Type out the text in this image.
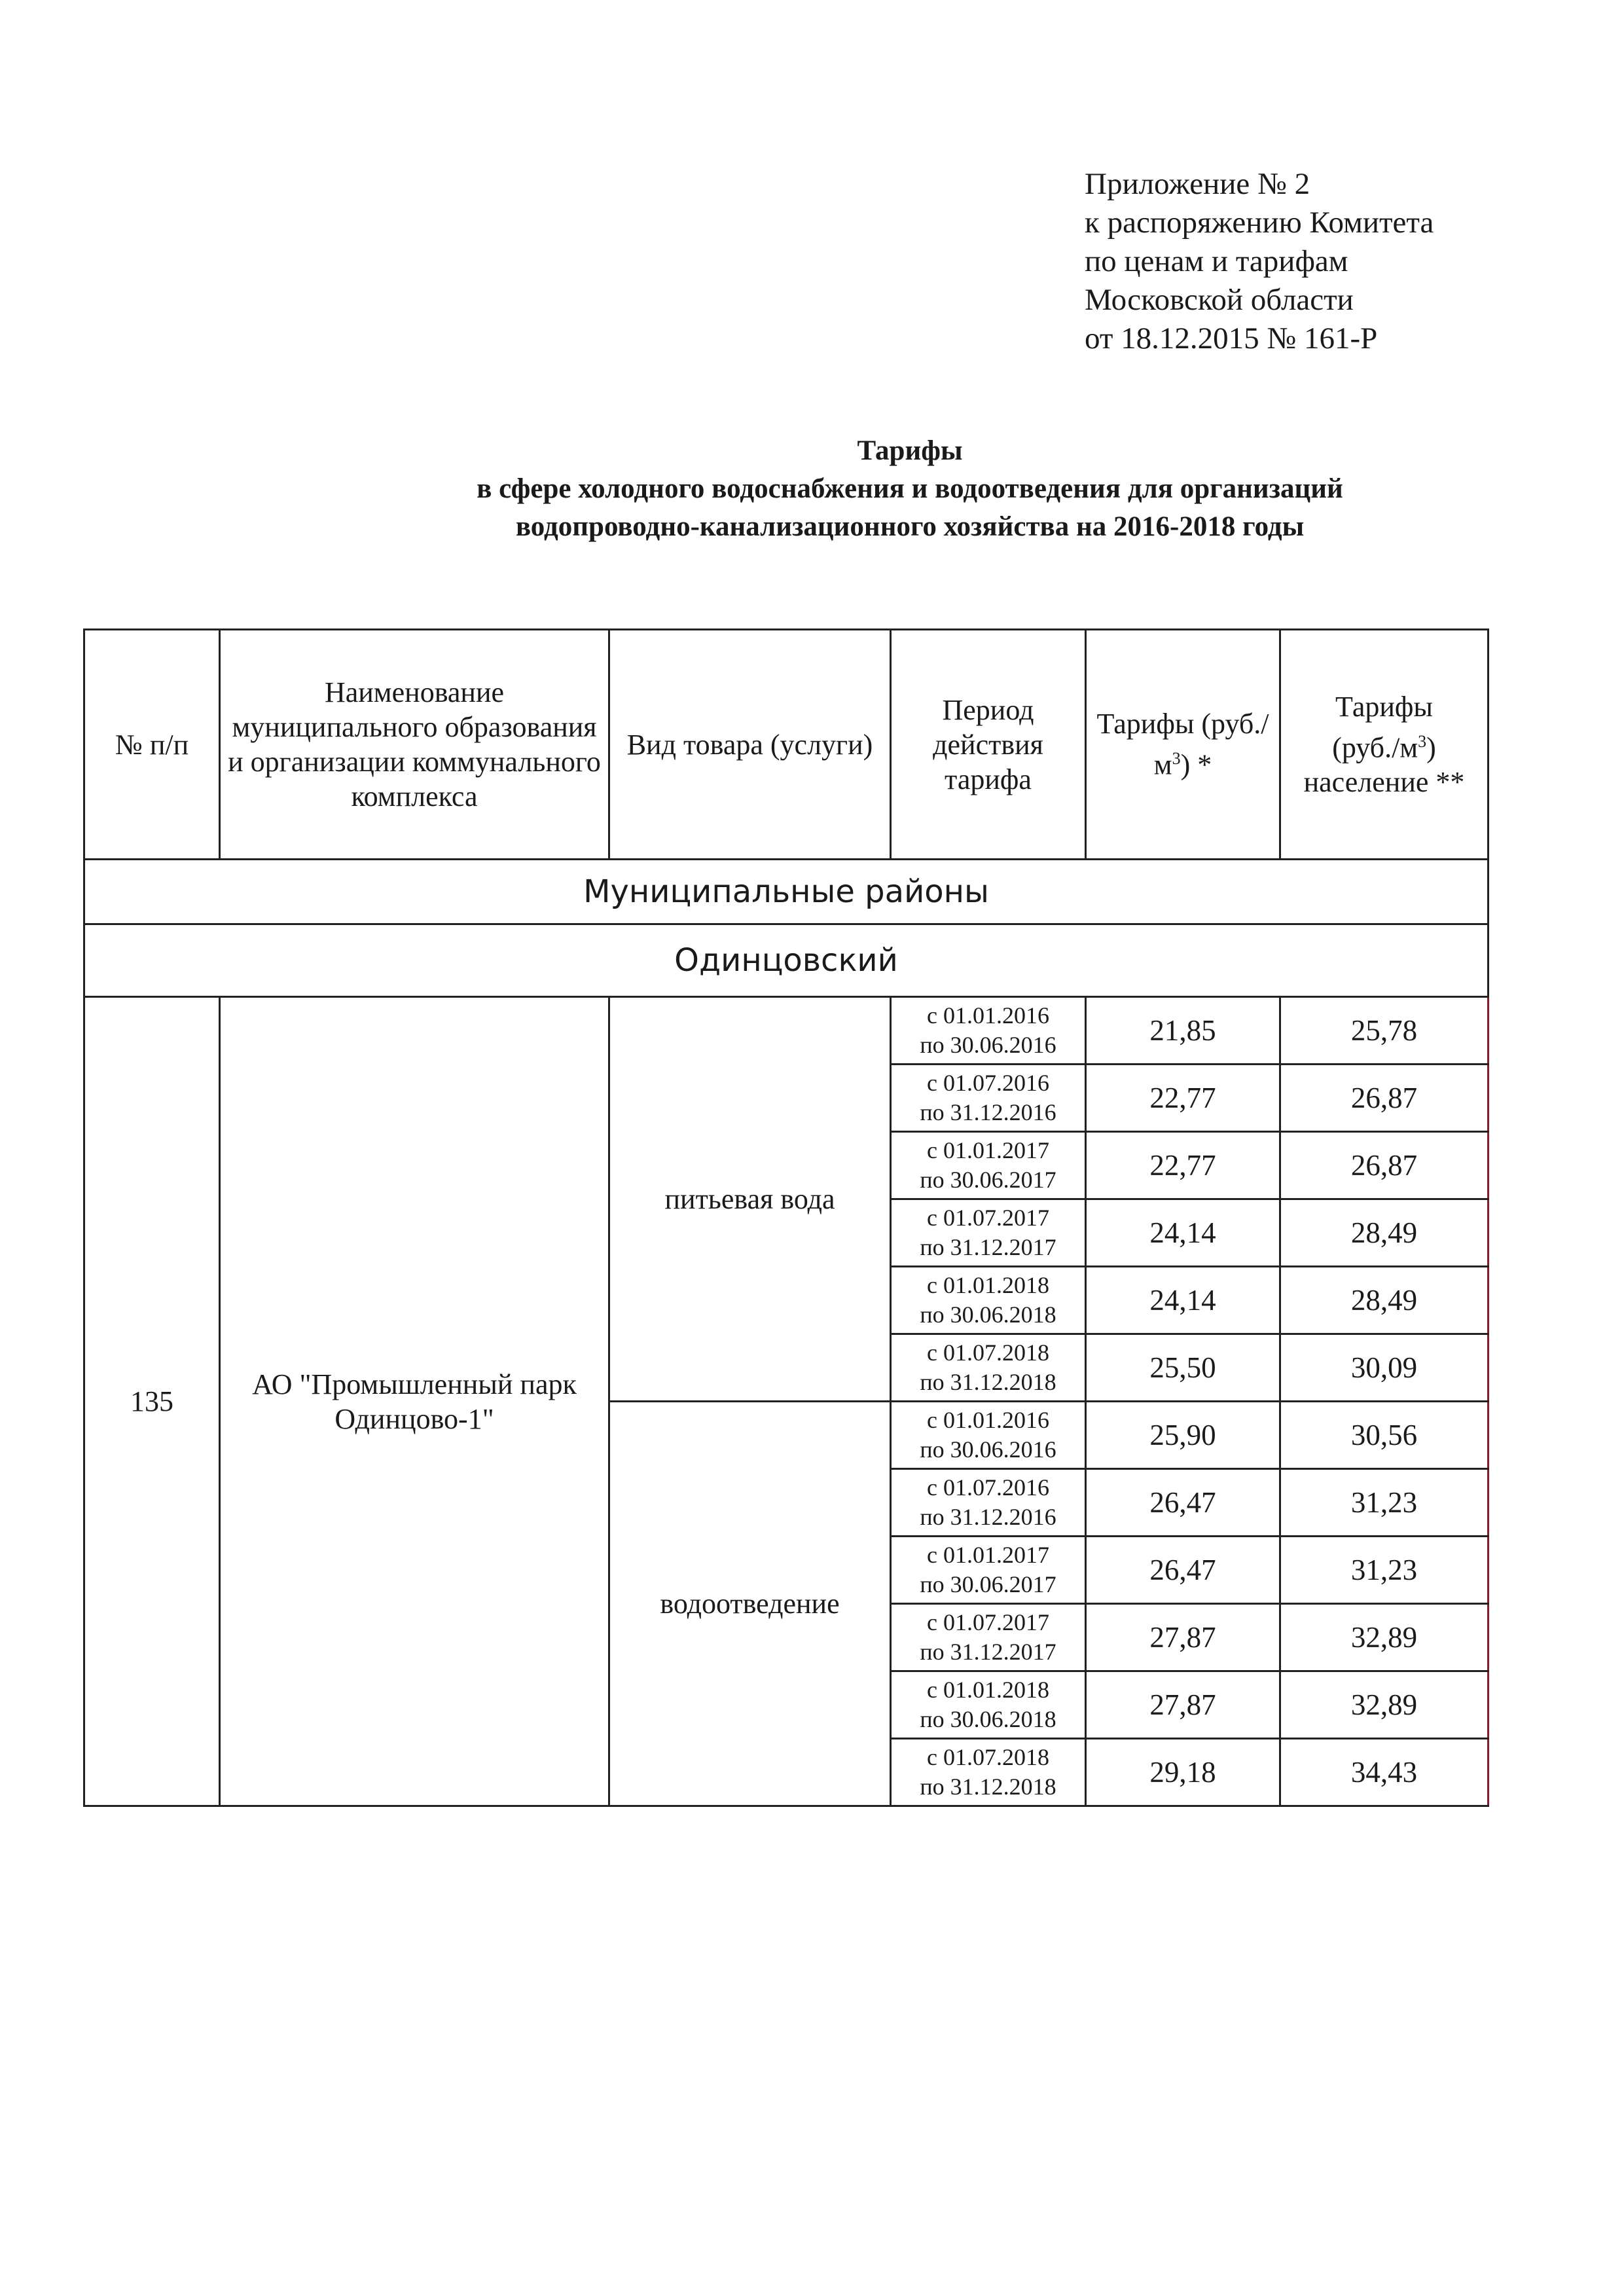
Приложение № 2
к распоряжению Комитета
по ценам и тарифам
Московской области
от 18.12.2015 № 161-Р
Тарифы
в сфере холодного водоснабжения и водоотведения для организаций
водопроводно-канализационного хозяйства на 2016-2018 годы
№ п/п	Наименование муниципального образования и организации коммунального комплекса	Вид товара (услуги)	Период действия тарифа	Тарифы $(руб./м^3)$ *	Тарифы
$(руб./м^3)$
население **
Муниципальные районы					
Одинцовский					
135	АО "Промышленный парк Одинцово-1"	питьевая вода	с 01.01.2016
по 30.06.2016	21,85	25,78

			с 01.07.2016
по 31.12.2016	22,77	26,87

			с 01.01.2017
по 30.06.2017	22,77	26,87

			с 01.07.2017
по 31.12.2017	24,14	28,49

			с 01.01.2018
по 30.06.2018	24,14	28,49

			с 01.07.2018
по 31.12.2018	25,50	30,09
		водоотведение	с 01.01.2016
по 30.06.2016	25,90	30,56

			с 01.07.2016
по 31.12.2016	26,47	31,23

			с 01.01.2017
по 30.06.2017	26,47	31,23

			с 01.07.2017
по 31.12.2017	27,87	32,89

			с 01.01.2018
по 30.06.2018	27,87	32,89

			с 01.07.2018
по 31.12.2018	29,18	34,43
